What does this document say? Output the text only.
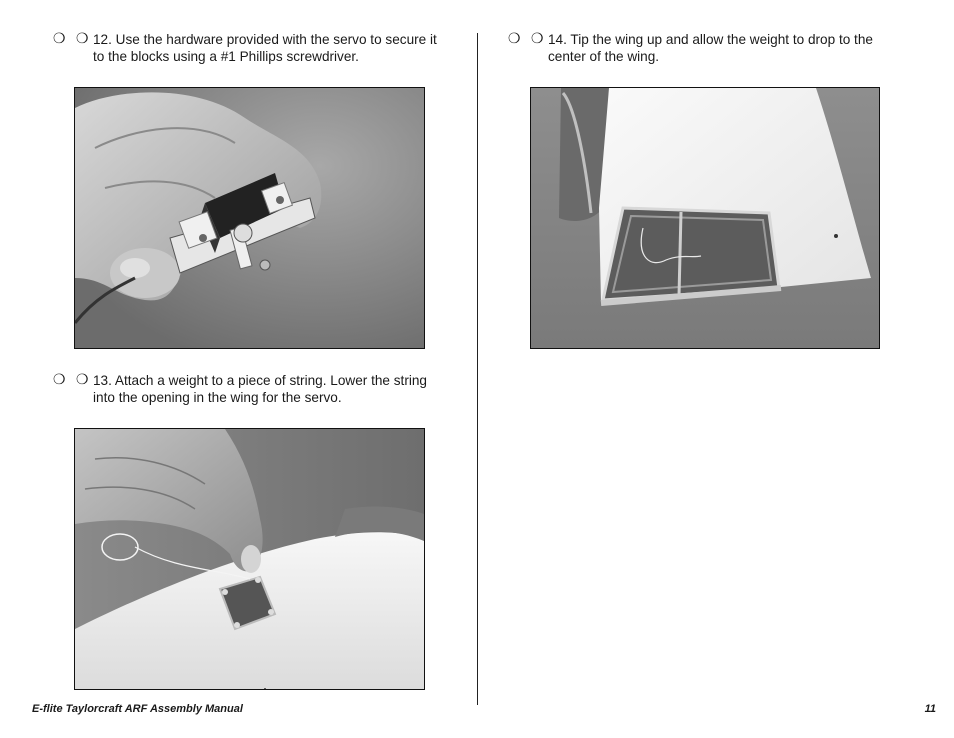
❍ ❍ 12. Use the hardware provided with the servo to secure it
to the blocks using a #1 Phillips screwdriver.
❍ ❍ 13. Attach a weight to a piece of string. Lower the string
into the opening in the wing for the servo.
❍ ❍ 14. Tip the wing up and allow the weight to drop to the
center of the wing.
E-flite Taylorcraft ARF Assembly Manual	11
